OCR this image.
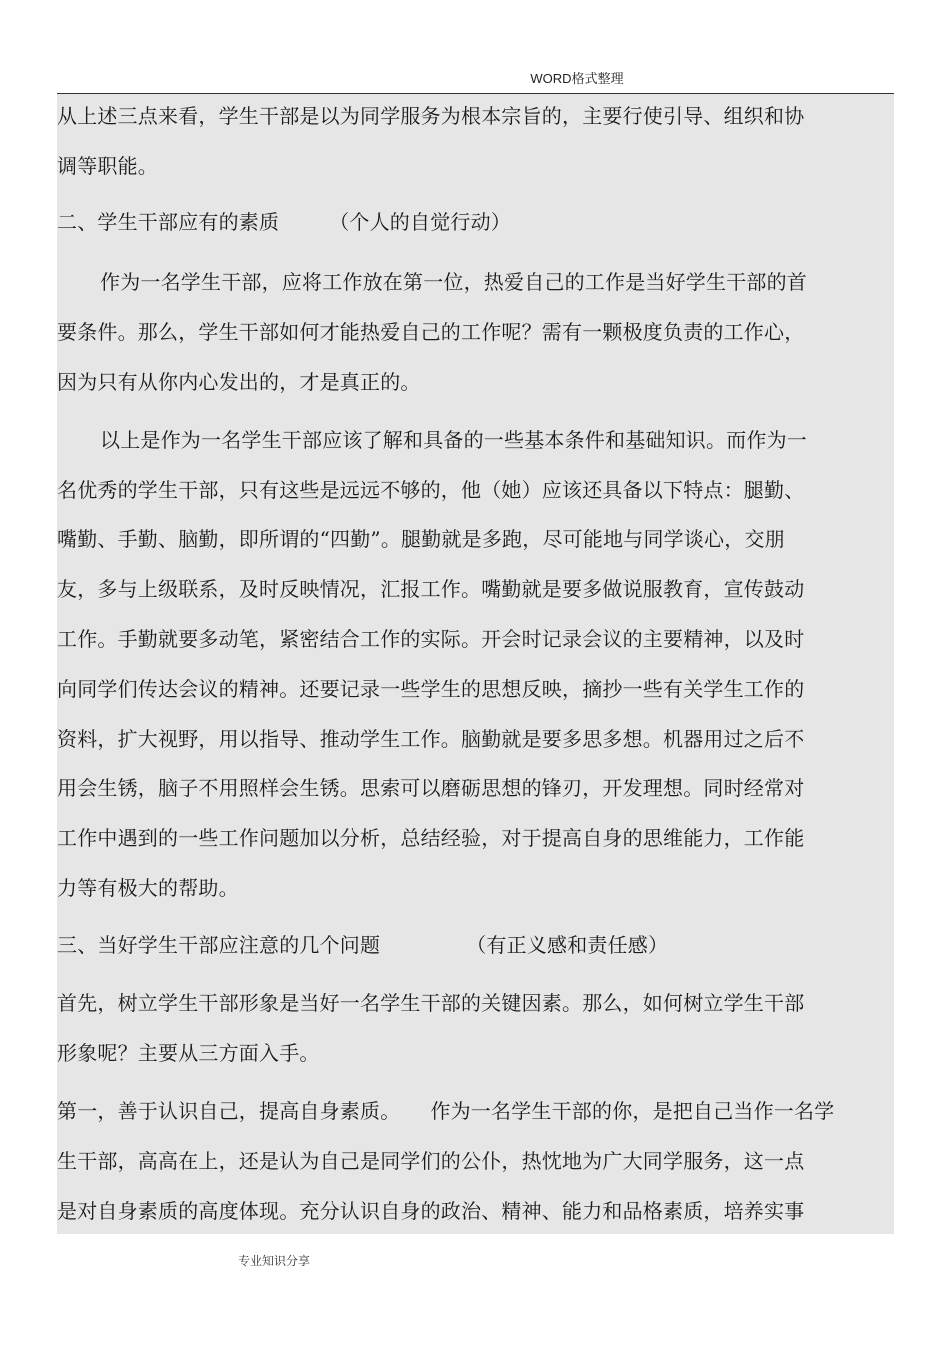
WORD格式整理
从上述三点来看，学生干部是以为同学服务为根本宗旨的，主要行使引导、组织和协
调等职能。
二、学生干部应有的素质	（个人的自觉行动）
作为一名学生干部，应将工作放在第一位，热爱自己的工作是当好学生干部的首
要条件。那么，学生干部如何才能热爱自己的工作呢？需有一颗极度负责的工作心，
因为只有从你内心发出的，才是真正的。
以上是作为一名学生干部应该了解和具备的一些基本条件和基础知识。而作为一
名优秀的学生干部，只有这些是远远不够的，他（她）应该还具备以下特点：腿勤、
嘴勤、手勤、脑勤，即所谓的“四勤”。腿勤就是多跑，尽可能地与同学谈心，交朋
友，多与上级联系，及时反映情况，汇报工作。嘴勤就是要多做说服教育，宣传鼓动
工作。手勤就要多动笔，紧密结合工作的实际。开会时记录会议的主要精神，以及时
向同学们传达会议的精神。还要记录一些学生的思想反映，摘抄一些有关学生工作的
资料，扩大视野，用以指导、推动学生工作。脑勤就是要多思多想。机器用过之后不
用会生锈，脑子不用照样会生锈。思索可以磨砺思想的锋刃，开发理想。同时经常对
工作中遇到的一些工作问题加以分析，总结经验，对于提高自身的思维能力，工作能
力等有极大的帮助。
三、当好学生干部应注意的几个问题	（有正义感和责任感）
首先，树立学生干部形象是当好一名学生干部的关键因素。那么，如何树立学生干部
形象呢？主要从三方面入手。
第一，善于认识自己，提高自身素质。 作为一名学生干部的你，是把自己当作一名学
生干部，高高在上，还是认为自己是同学们的公仆，热忱地为广大同学服务，这一点
是对自身素质的高度体现。充分认识自身的政治、精神、能力和品格素质，培养实事
专业知识分享
